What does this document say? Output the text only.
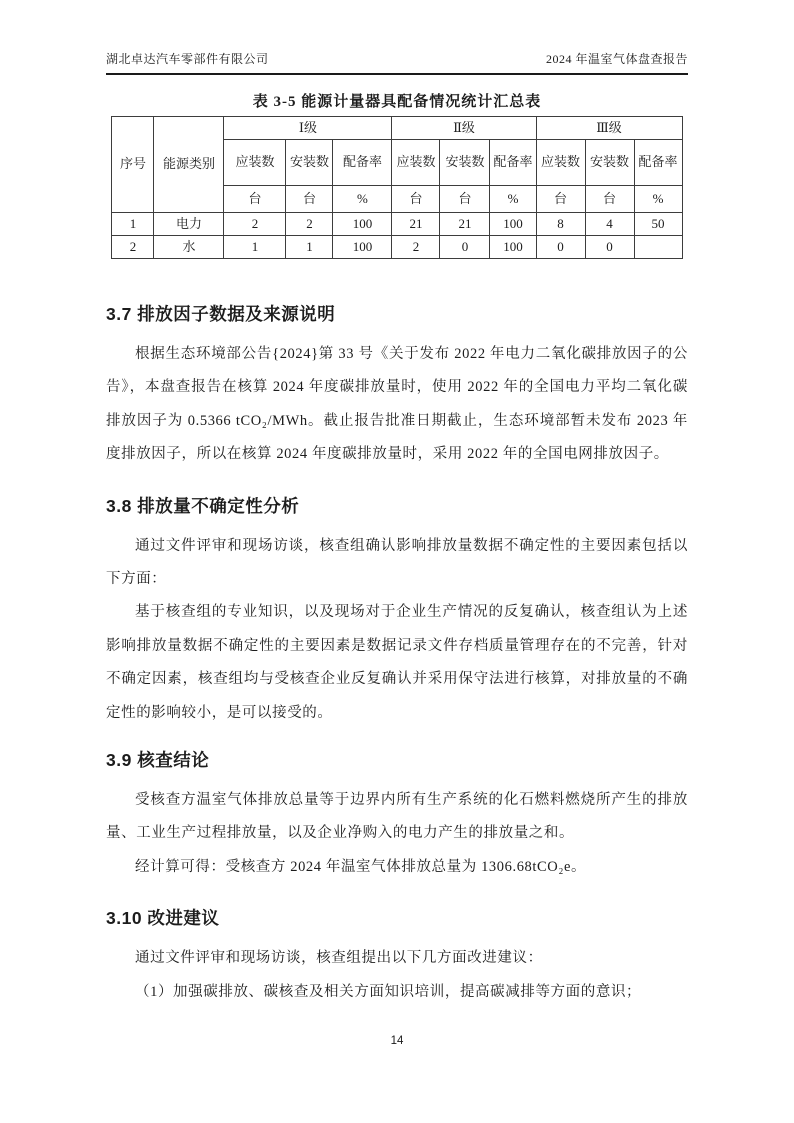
湖北卓达汽车零部件有限公司	2024 年温室气体盘查报告
表 3-5 能源计量器具配备情况统计汇总表
序号	能源类别	Ⅰ级			Ⅱ级			Ⅲ级		
		应装数	安装数	配备率	应装数	安装数	配备率	应装数	安装数	配备率
		台	台	%	台	台	%	台	台	%
1	电力	2	2	100	21	21	100	8	4	50
2	水	1	1	100	2	0	100	0	0	
3.7 排放因子数据及来源说明

根据生态环境部公告{2024}第 33 号《关于发布 2022 年电力二氧化碳排放因子的公告》，本盘查报告在核算 2024 年度碳排放量时，使用 2022 年的全国电力平均二氧化碳排放因子为 0.5366 tCO₂/MWh。截止报告批准日期截止，生态环境部暂未发布 2023 年度排放因子，所以在核算 2024 年度碳排放量时，采用 2022 年的全国电网排放因子。

3.8 排放量不确定性分析

通过文件评审和现场访谈，核查组确认影响排放量数据不确定性的主要因素包括以下方面：

基于核查组的专业知识，以及现场对于企业生产情况的反复确认，核查组认为上述影响排放量数据不确定性的主要因素是数据记录文件存档质量管理存在的不完善，针对不确定因素，核查组均与受核查企业反复确认并采用保守法进行核算，对排放量的不确定性的影响较小，是可以接受的。

3.9 核查结论

受核查方温室气体排放总量等于边界内所有生产系统的化石燃料燃烧所产生的排放量、工业生产过程排放量，以及企业净购入的电力产生的排放量之和。

经计算可得：受核查方 2024 年温室气体排放总量为 1306.68tCO₂e。

3.10 改进建议

通过文件评审和现场访谈，核查组提出以下几方面改进建议：

（1）加强碳排放、碳核查及相关方面知识培训，提高碳减排等方面的意识；

14
